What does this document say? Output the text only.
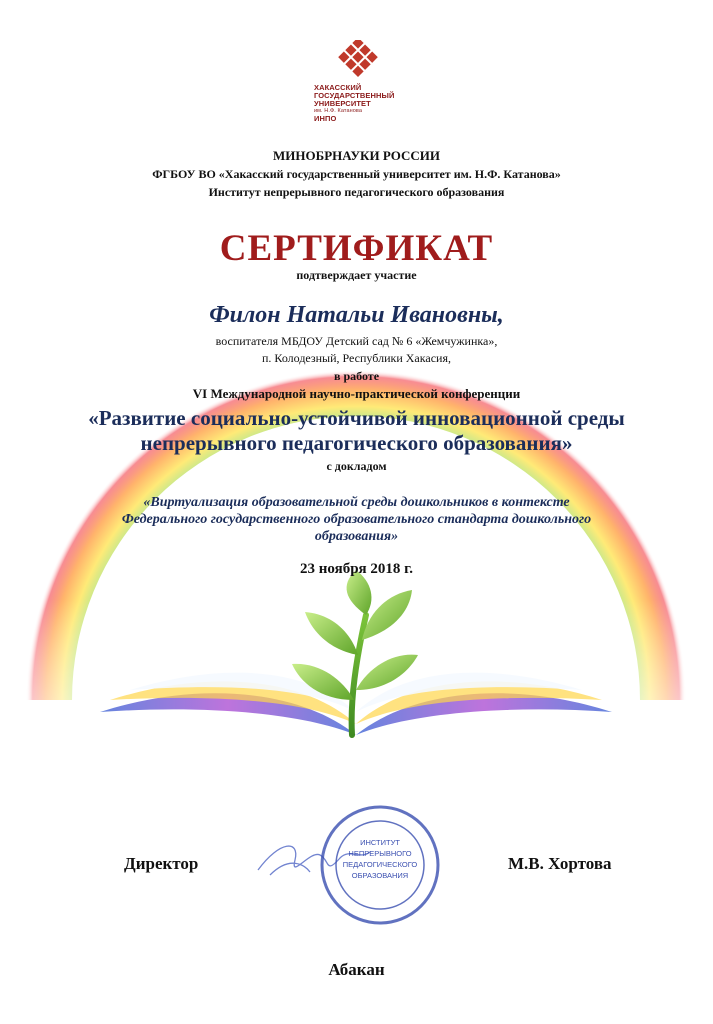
ХАКАССКИЙ
ГОСУДАРСТВЕННЫЙ
УНИВЕРСИТЕТ
им. Н.Ф. Катанова
ИНПО
МИНОБРНАУКИ РОССИИ
ФГБОУ ВО «Хакасский государственный университет им. Н.Ф. Катанова»
Институт непрерывного педагогического образования
СЕРТИФИКАТ
подтверждает участие
Филон Натальи Ивановны,
воспитателя МБДОУ Детский сад № 6 «Жемчужинка»,
п. Колодезный, Республики Хакасия,
в работе
VI Международной научно-практической конференции
«Развитие социально-устойчивой инновационной среды
непрерывного педагогического образования»
с докладом
«Виртуализация образовательной среды дошкольников в контексте
Федерального государственного образовательного стандарта дошкольного
образования»
23 ноября 2018 г.
ИНСТИТУТ
НЕПРЕРЫВНОГО
ПЕДАГОГИЧЕСКОГО
ОБРАЗОВАНИЯ
Директор	М.В. Хортова
Абакан
